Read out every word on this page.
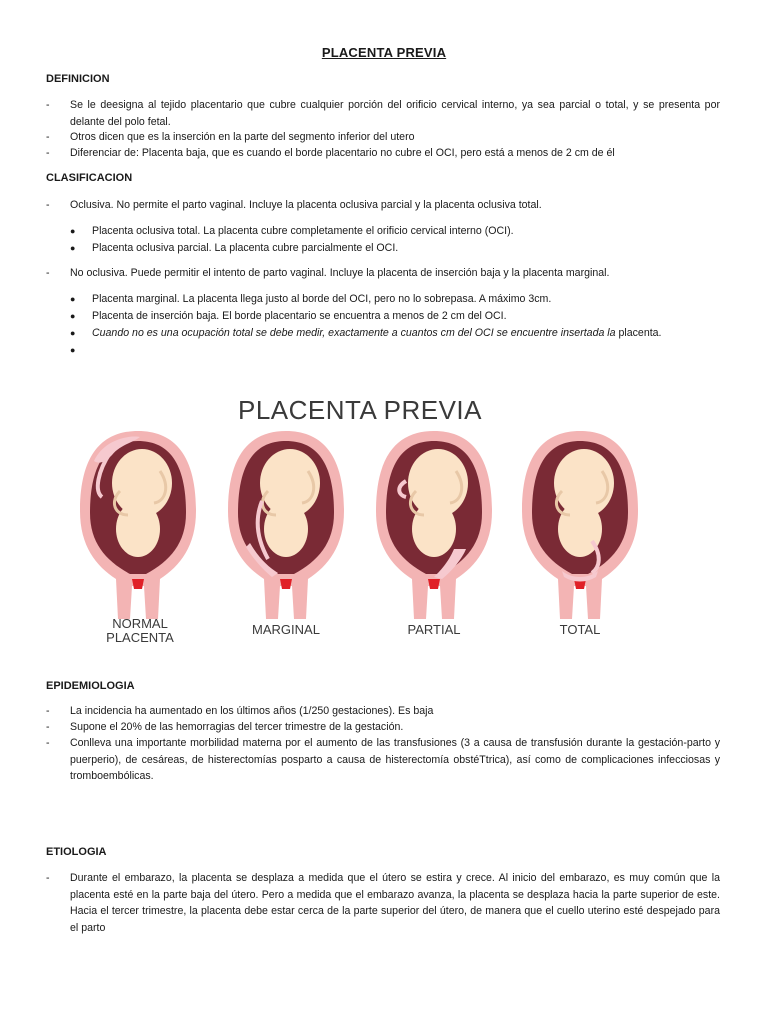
PLACENTA PREVIA
DEFINICION
-	Se le deesigna al tejido placentario que cubre cualquier porción del orificio cervical interno, ya sea parcial o total, y se presenta por delante del polo fetal.
-	Otros dicen que es la inserción en la parte del segmento inferior del utero
-	Diferenciar de: Placenta baja, que es cuando el borde placentario no cubre el OCI, pero está a menos de 2 cm de él
CLASIFICACION
-	Oclusiva. No permite el parto vaginal. Incluye la placenta oclusiva parcial y la placenta oclusiva total.
● Placenta oclusiva total. La placenta cubre completamente el orificio cervical interno (OCI).
● Placenta oclusiva parcial. La placenta cubre parcialmente el OCI.
-	No oclusiva. Puede permitir el intento de parto vaginal. Incluye la placenta de inserción baja y la placenta marginal.
● Placenta marginal. La placenta llega justo al borde del OCI, pero no lo sobrepasa. A máximo 3cm.
● Placenta de inserción baja. El borde placentario se encuentra a menos de 2 cm del OCI.
● Cuando no es una ocupación total se debe medir, exactamente a cuantos cm del OCI se encuentre insertada la placenta.
●
PLACENTA PREVIA
NORMAL PLACENTA
MARGINAL	PARTIAL	TOTAL
EPIDEMIOLOGIA
-	La incidencia ha aumentado en los últimos años (1/250 gestaciones). Es baja
-	Supone el 20% de las hemorragias del tercer trimestre de la gestación.
-	Conlleva una importante morbilidad materna por el aumento de las transfusiones (3 a causa de transfusión durante la gestación-parto y puerperio), de cesáreas, de histerectomías posparto a causa de histerectomía obstéTtrica), así como de complicaciones infecciosas y tromboembólicas.
ETIOLOGIA
-	Durante el embarazo, la placenta se desplaza a medida que el útero se estira y crece. Al inicio del embarazo, es muy común que la placenta esté en la parte baja del útero. Pero a medida que el embarazo avanza, la placenta se desplaza hacia la parte superior de este. Hacia el tercer trimestre, la placenta debe estar cerca de la parte superior del útero, de manera que el cuello uterino esté despejado para el parto
